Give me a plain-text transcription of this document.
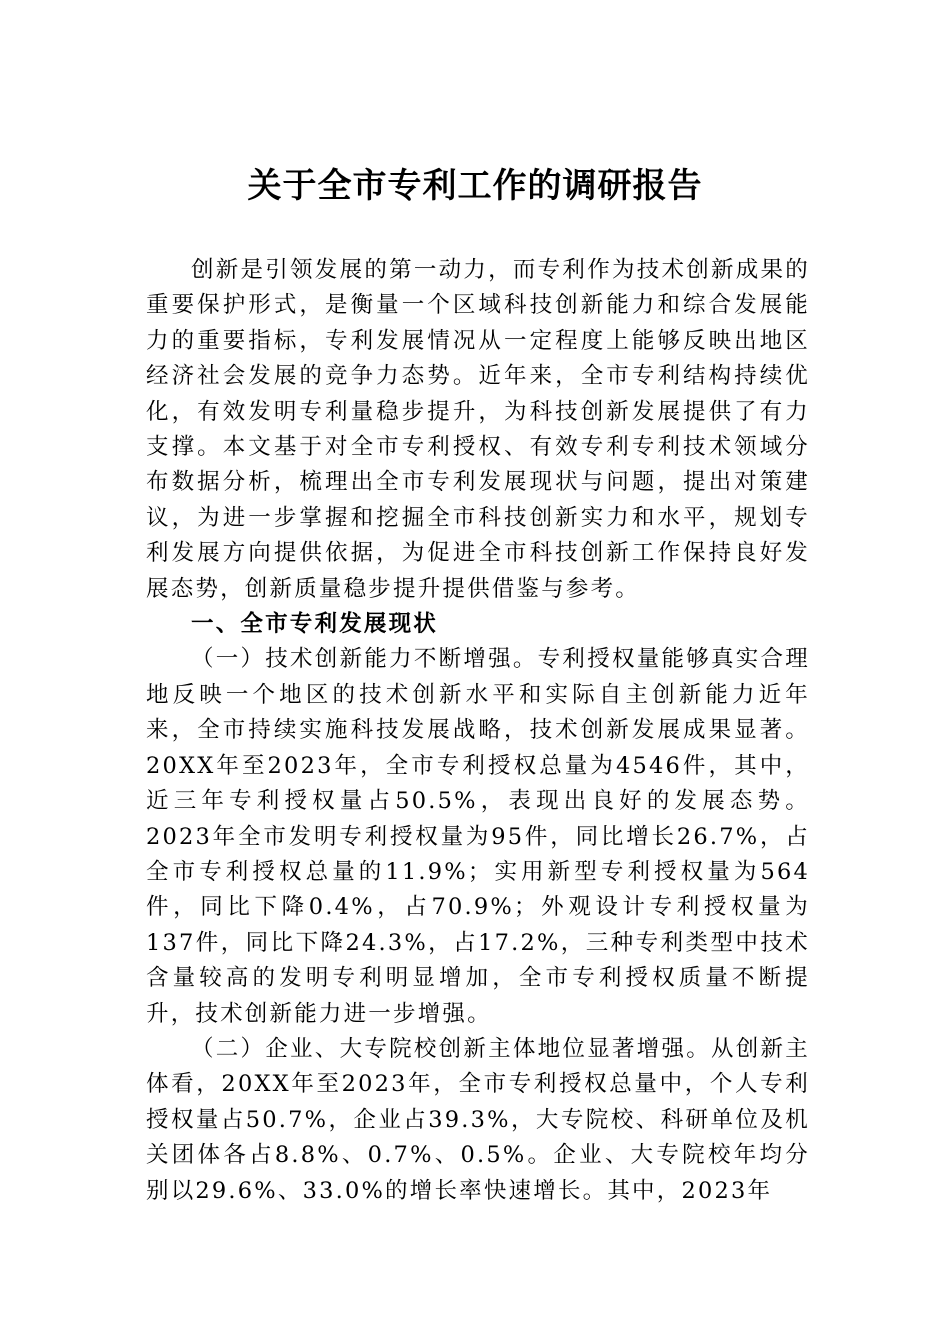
关于全市专利工作的调研报告

创新是引领发展的第一动力，而专利作为技术创新成果的重要保护形式，是衡量一个区域科技创新能力和综合发展能力的重要指标，专利发展情况从一定程度上能够反映出地区经济社会发展的竞争力态势。近年来，全市专利结构持续优化，有效发明专利量稳步提升，为科技创新发展提供了有力支撑。本文基于对全市专利授权、有效专利专利技术领域分布数据分析，梳理出全市专利发展现状与问题，提出对策建议，为进一步掌握和挖掘全市科技创新实力和水平，规划专利发展方向提供依据，为促进全市科技创新工作保持良好发展态势，创新质量稳步提升提供借鉴与参考。

一、全市专利发展现状

（一）技术创新能力不断增强。专利授权量能够真实合理地反映一个地区的技术创新水平和实际自主创新能力近年来，全市持续实施科技发展战略，技术创新发展成果显著。20XX年至2023年，全市专利授权总量为4546件，其中，近三年专利授权量占50.5%，表现出良好的发展态势。2023年全市发明专利授权量为95件，同比增长26.7%，占全市专利授权总量的11.9%；实用新型专利授权量为564件，同比下降0.4%，占70.9%；外观设计专利授权量为137件，同比下降24.3%，占17.2%，三种专利类型中技术含量较高的发明专利明显增加，全市专利授权质量不断提升，技术创新能力进一步增强。

（二）企业、大专院校创新主体地位显著增强。从创新主体看，20XX年至2023年，全市专利授权总量中，个人专利授权量占50.7%，企业占39.3%，大专院校、科研单位及机关团体各占8.8%、0.7%、0.5%。企业、大专院校年均分别以29.6%、33.0%的增长率快速增长。其中，2023年
